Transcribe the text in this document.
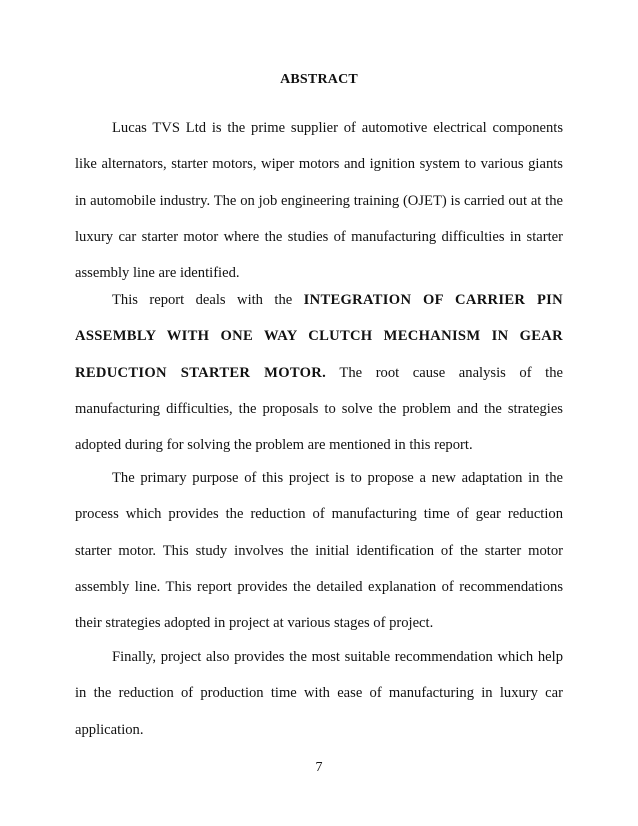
ABSTRACT

Lucas TVS Ltd is the prime supplier of automotive electrical components like alternators, starter motors, wiper motors and ignition system to various giants in automobile industry. The on job engineering training (OJET) is carried out at the luxury car starter motor where the studies of manufacturing difficulties in starter assembly line are identified.

This report deals with the INTEGRATION OF CARRIER PIN ASSEMBLY WITH ONE WAY CLUTCH MECHANISM IN GEAR REDUCTION STARTER MOTOR. The root cause analysis of the manufacturing difficulties, the proposals to solve the problem and the strategies adopted during for solving the problem are mentioned in this report.

The primary purpose of this project is to propose a new adaptation in the process which provides the reduction of manufacturing time of gear reduction starter motor. This study involves the initial identification of the starter motor assembly line. This report provides the detailed explanation of recommendations their strategies adopted in project at various stages of project.

Finally, project also provides the most suitable recommendation which help in the reduction of production time with ease of manufacturing in luxury car application.

7
